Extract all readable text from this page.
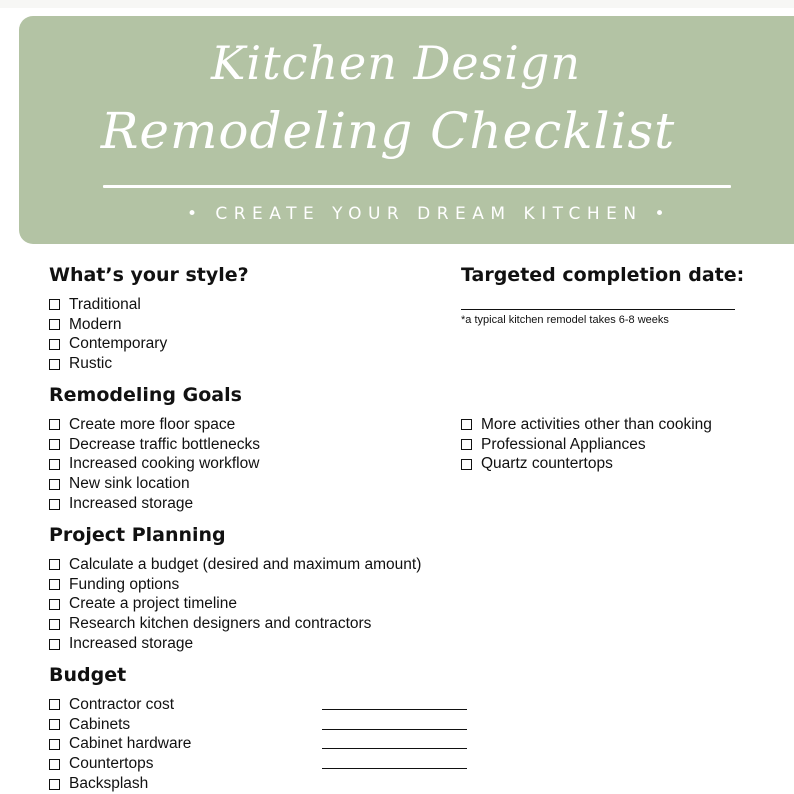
Kitchen Design
Remodeling Checklist
• CREATE YOUR DREAM KITCHEN •
What’s your style?
Traditional
Modern
Contemporary
Rustic
Targeted completion date:
*a typical kitchen remodel takes 6-8 weeks
Remodeling Goals
Create more floor space
Decrease traffic bottlenecks
Increased cooking workflow
New sink location
Increased storage
More activities other than cooking
Professional Appliances
Quartz countertops
Project Planning
Calculate a budget (desired and maximum amount)
Funding options
Create a project timeline
Research kitchen designers and contractors
Increased storage
Budget
Contractor cost
Cabinets
Cabinet hardware
Countertops
Backsplash
